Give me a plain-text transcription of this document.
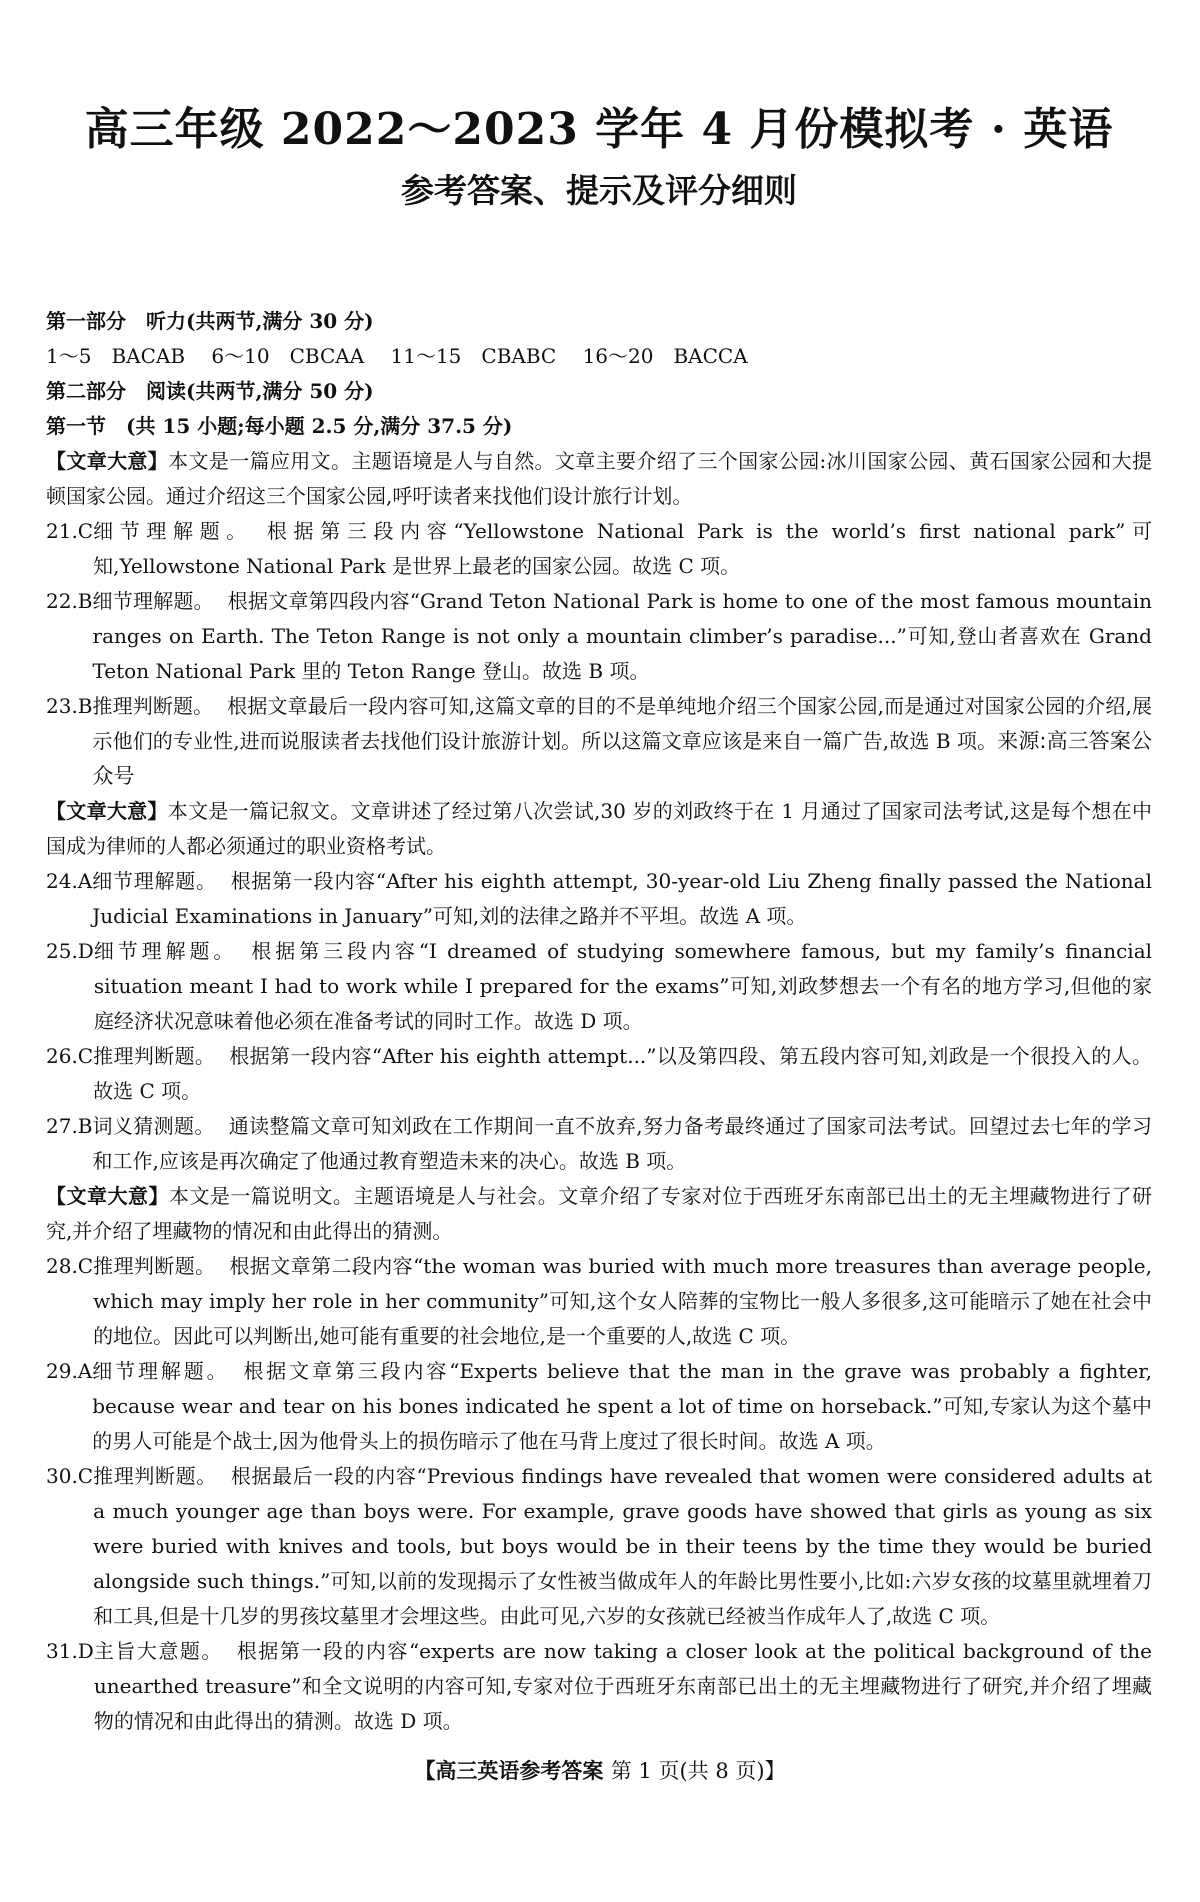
高三年级 2022～2023 学年 4 月份模拟考 · 英语
参考答案、提示及评分细则
第一部分　听力(共两节,满分 30 分)
1～5　BACAB 6～10　CBCAA 11～15　CBABC 16～20　BACCA
第二部分　阅读(共两节,满分 50 分)
第一节　(共 15 小题;每小题 2.5 分,满分 37.5 分)
【文章大意】本文是一篇应用文。主题语境是人与自然。文章主要介绍了三个国家公园:冰川国家公园、黄石国家公园和大提顿国家公园。通过介绍这三个国家公园,呼吁读者来找他们设计旅行计划。
21.C 细节理解题。 根据第三段内容“Yellowstone National Park is the world’s first national park”可知,Yellowstone National Park 是世界上最老的国家公园。故选 C 项。
22.B 细节理解题。 根据文章第四段内容“Grand Teton National Park is home to one of the most famous mountain ranges on Earth. The Teton Range is not only a mountain climber’s paradise...”可知,登山者喜欢在 Grand Teton National Park 里的 Teton Range 登山。故选 B 项。
23.B 推理判断题。 根据文章最后一段内容可知,这篇文章的目的不是单纯地介绍三个国家公园,而是通过对国家公园的介绍,展示他们的专业性,进而说服读者去找他们设计旅游计划。所以这篇文章应该是来自一篇广告,故选 B 项。来源:高三答案公众号
【文章大意】本文是一篇记叙文。文章讲述了经过第八次尝试,30 岁的刘政终于在 1 月通过了国家司法考试,这是每个想在中国成为律师的人都必须通过的职业资格考试。
24.A 细节理解题。 根据第一段内容“After his eighth attempt, 30-year-old Liu Zheng finally passed the National Judicial Examinations in January”可知,刘的法律之路并不平坦。故选 A 项。
25.D 细节理解题。 根据第三段内容“I dreamed of studying somewhere famous, but my family’s financial situation meant I had to work while I prepared for the exams”可知,刘政梦想去一个有名的地方学习,但他的家庭经济状况意味着他必须在准备考试的同时工作。故选 D 项。
26.C 推理判断题。 根据第一段内容“After his eighth attempt...”以及第四段、第五段内容可知,刘政是一个很投入的人。故选 C 项。
27.B 词义猜测题。 通读整篇文章可知刘政在工作期间一直不放弃,努力备考最终通过了国家司法考试。回望过去七年的学习和工作,应该是再次确定了他通过教育塑造未来的决心。故选 B 项。
【文章大意】本文是一篇说明文。主题语境是人与社会。文章介绍了专家对位于西班牙东南部已出土的无主埋藏物进行了研究,并介绍了埋藏物的情况和由此得出的猜测。
28.C 推理判断题。 根据文章第二段内容“the woman was buried with much more treasures than average people, which may imply her role in her community”可知,这个女人陪葬的宝物比一般人多很多,这可能暗示了她在社会中的地位。因此可以判断出,她可能有重要的社会地位,是一个重要的人,故选 C 项。
29.A 细节理解题。 根据文章第三段内容“Experts believe that the man in the grave was probably a fighter, because wear and tear on his bones indicated he spent a lot of time on horseback.”可知,专家认为这个墓中的男人可能是个战士,因为他骨头上的损伤暗示了他在马背上度过了很长时间。故选 A 项。
30.C 推理判断题。 根据最后一段的内容“Previous findings have revealed that women were considered adults at a much younger age than boys were. For example, grave goods have showed that girls as young as six were buried with knives and tools, but boys would be in their teens by the time they would be buried alongside such things.”可知,以前的发现揭示了女性被当做成年人的年龄比男性要小,比如:六岁女孩的坟墓里就埋着刀和工具,但是十几岁的男孩坟墓里才会埋这些。由此可见,六岁的女孩就已经被当作成年人了,故选 C 项。
31.D 主旨大意题。 根据第一段的内容“experts are now taking a closer look at the political background of the unearthed treasure”和全文说明的内容可知,专家对位于西班牙东南部已出土的无主埋藏物进行了研究,并介绍了埋藏物的情况和由此得出的猜测。故选 D 项。
【高三英语参考答案 第 1 页(共 8 页)】
